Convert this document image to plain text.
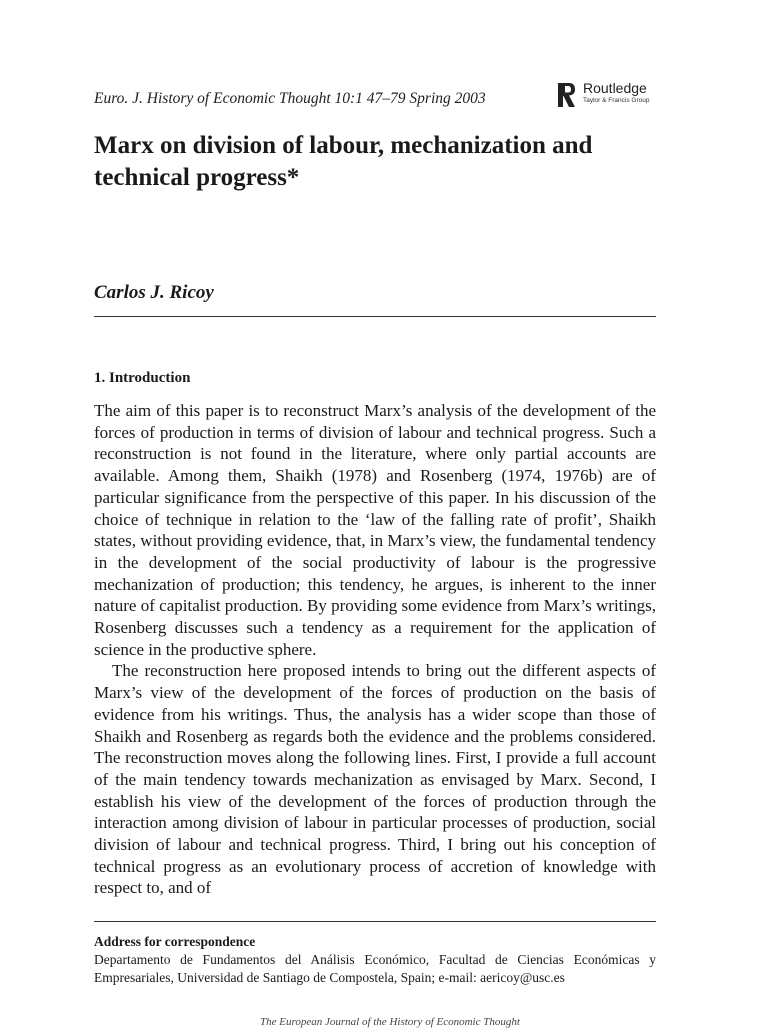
Euro. J. History of Economic Thought 10:1 47–79 Spring 2003
Routledge
Taylor & Francis Group
Marx on division of labour, mechanization and technical progress*
Carlos J. Ricoy
1. Introduction

The aim of this paper is to reconstruct Marx’s analysis of the development of the forces of production in terms of division of labour and technical progress. Such a reconstruction is not found in the literature, where only partial accounts are available. Among them, Shaikh (1978) and Rosenberg (1974, 1976b) are of particular significance from the perspective of this paper. In his discussion of the choice of technique in relation to the ‘law of the falling rate of profit’, Shaikh states, without providing evidence, that, in Marx’s view, the fundamental tendency in the development of the social productivity of labour is the progressive mechanization of production; this tendency, he argues, is inherent to the inner nature of capitalist production. By providing some evidence from Marx’s writings, Rosenberg discusses such a tendency as a requirement for the application of science in the productive sphere.

The reconstruction here proposed intends to bring out the different aspects of Marx’s view of the development of the forces of production on the basis of evidence from his writings. Thus, the analysis has a wider scope than those of Shaikh and Rosenberg as regards both the evidence and the problems considered. The reconstruction moves along the following lines. First, I provide a full account of the main tendency towards mechanization as envisaged by Marx. Second, I establish his view of the development of the forces of production through the interaction among division of labour in particular processes of production, social division of labour and technical progress. Third, I bring out his conception of technical progress as an evolutionary process of accretion of knowledge with respect to, and of

Address for correspondence

Departamento de Fundamentos del Análisis Económico, Facultad de Ciencias Económicas y Empresariales, Universidad de Santiago de Compostela, Spain; e-mail: aericoy@usc.es

The European Journal of the History of Economic Thought
